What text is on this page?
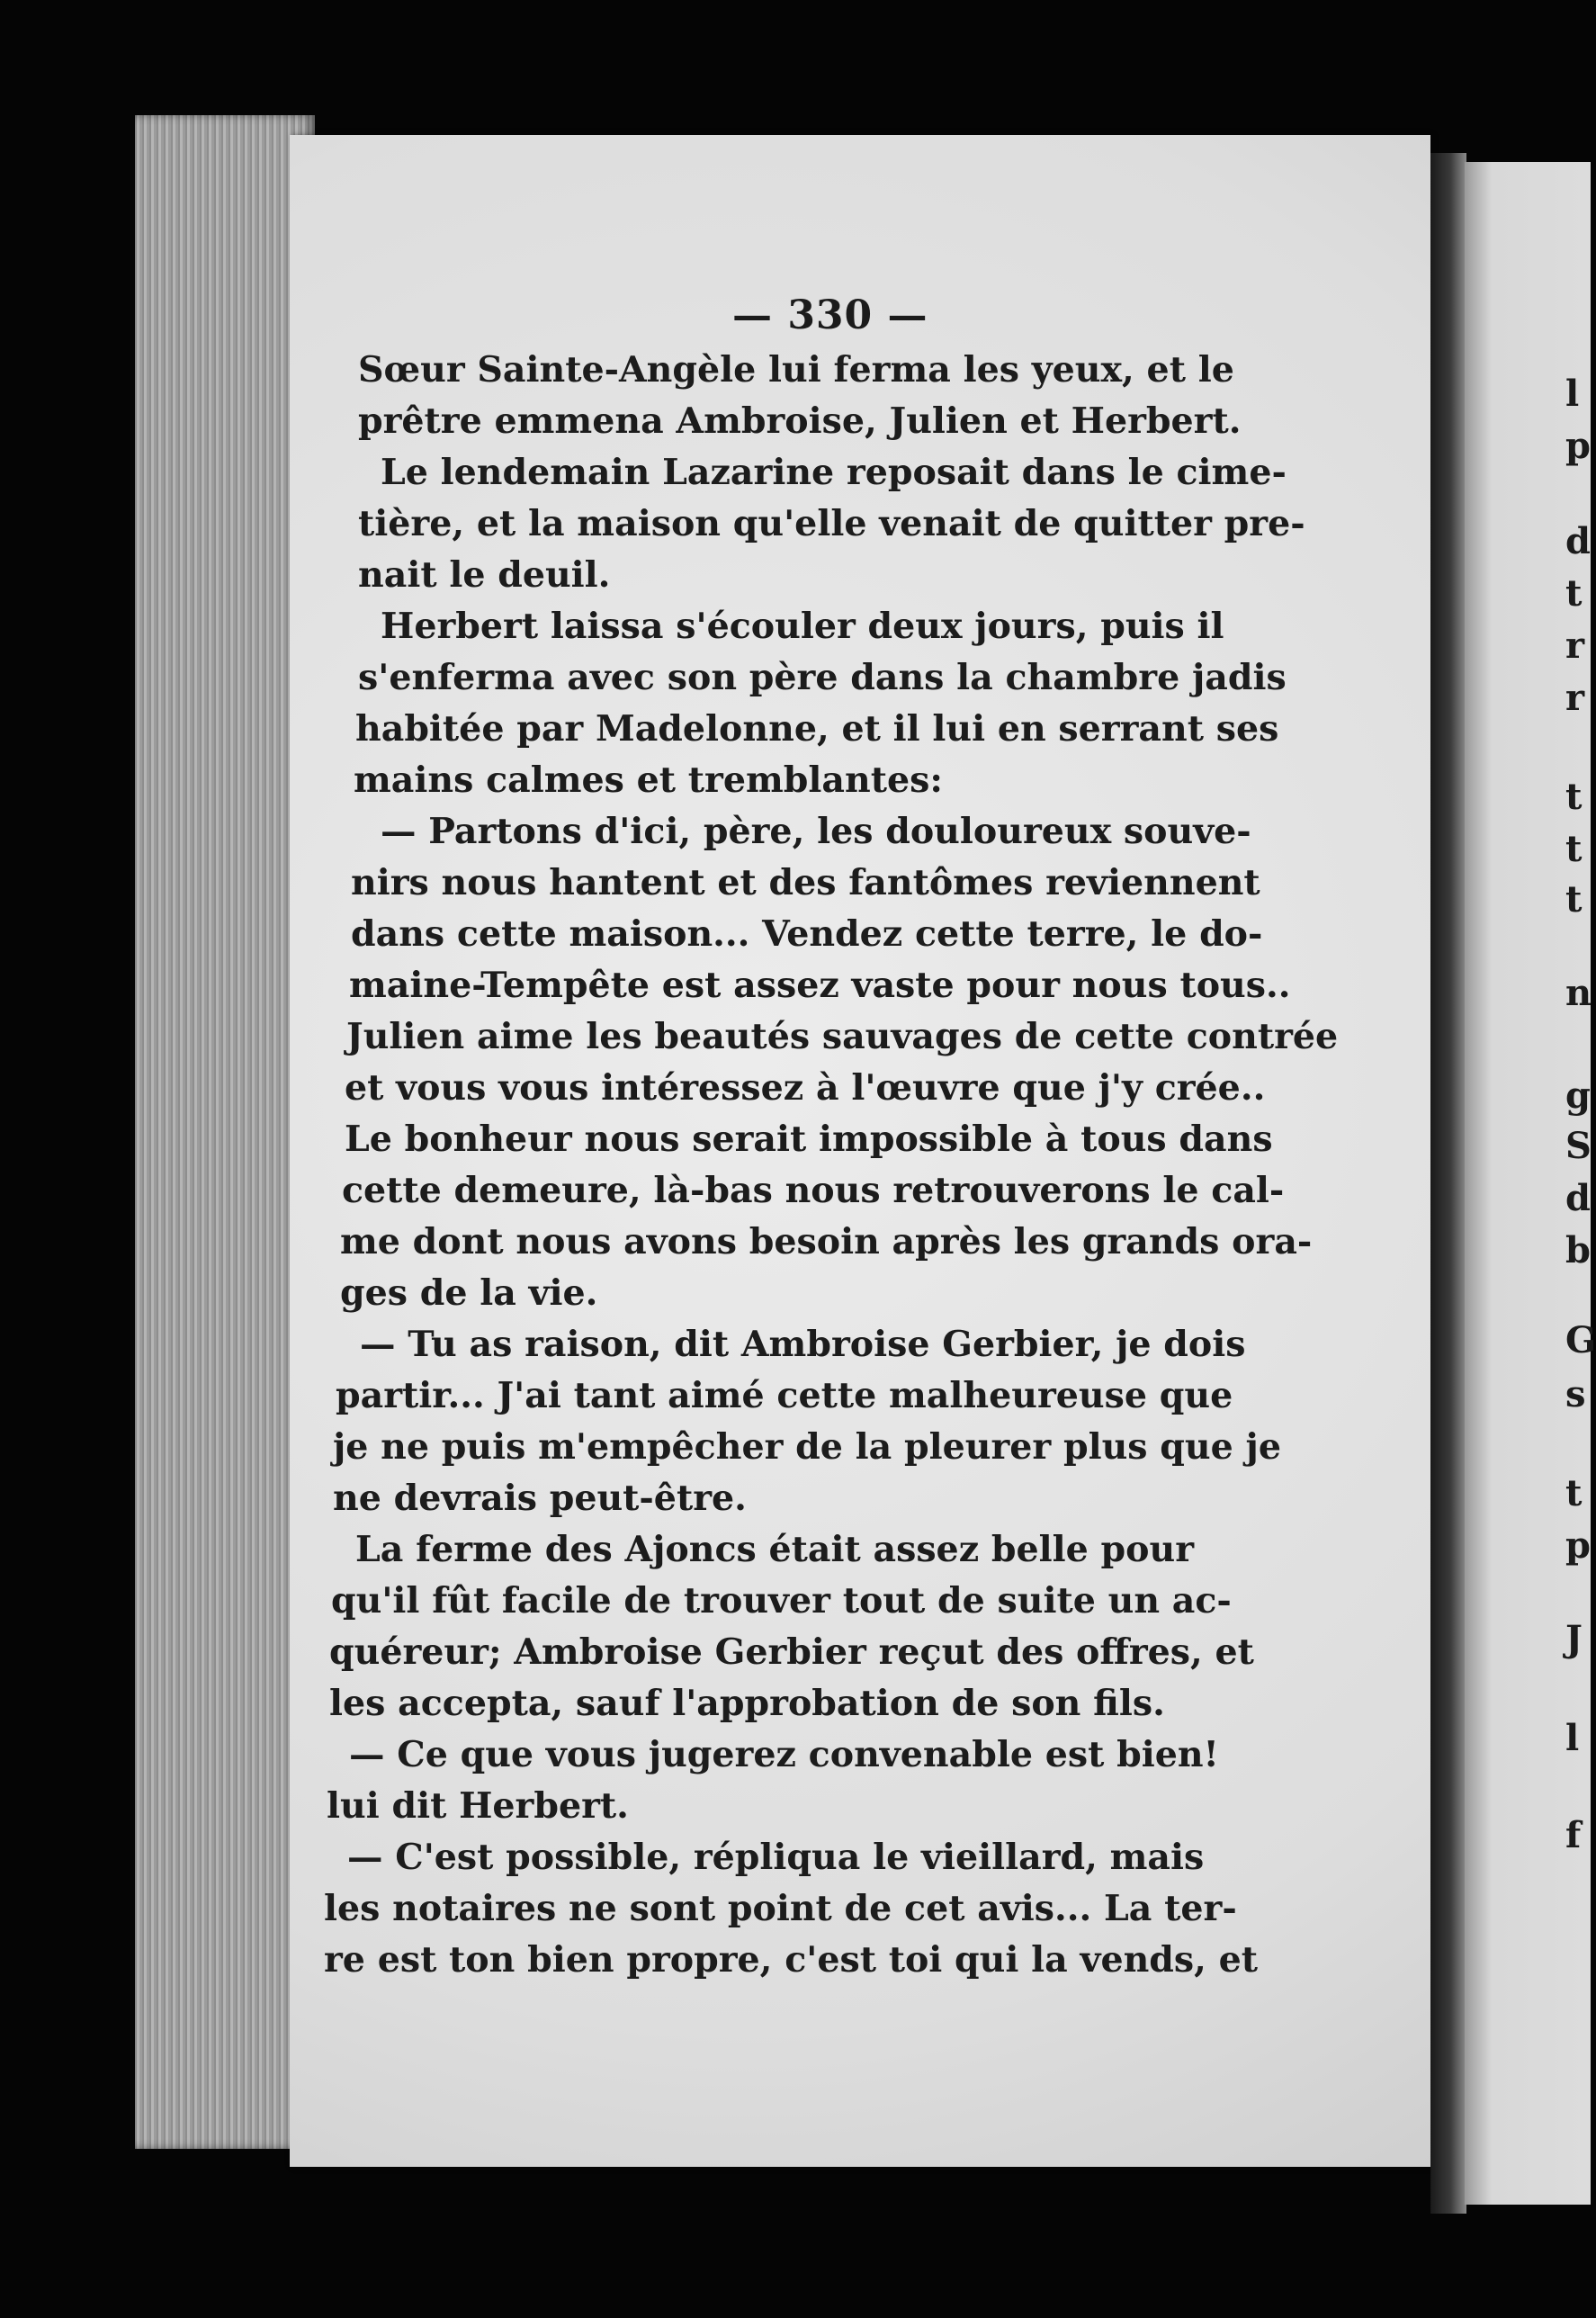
— 330 —

Sœur Sainte-Angèle lui ferma les yeux, et le

prêtre emmena Ambroise, Julien et Herbert.

Le lendemain Lazarine reposait dans le cime-

tière, et la maison qu'elle venait de quitter pre-

nait le deuil.

Herbert laissa s'écouler deux jours, puis il

s'enferma avec son père dans la chambre jadis

habitée par Madelonne, et il lui en serrant ses

mains calmes et tremblantes:

— Partons d'ici, père, les douloureux souve-

nirs nous hantent et des fantômes reviennent

dans cette maison... Vendez cette terre, le do-

maine-Tempête est assez vaste pour nous tous..

Julien aime les beautés sauvages de cette contrée

et vous vous intéressez à l'œuvre que j'y crée..

Le bonheur nous serait impossible à tous dans

cette demeure, là-bas nous retrouverons le cal-

me dont nous avons besoin après les grands ora-

ges de la vie.

— Tu as raison, dit Ambroise Gerbier, je dois

partir... J'ai tant aimé cette malheureuse que

je ne puis m'empêcher de la pleurer plus que je

ne devrais peut-être.

La ferme des Ajoncs était assez belle pour

qu'il fût facile de trouver tout de suite un ac-

quéreur; Ambroise Gerbier reçut des offres, et

les accepta, sauf l'approbation de son fils.

— Ce que vous jugerez convenable est bien!

lui dit Herbert.

— C'est possible, répliqua le vieillard, mais

les notaires ne sont point de cet avis... La ter-

re est ton bien propre, c'est toi qui la vends, et

l

p

d

t

r

r

t

t

t

n

g

S

d

b

G

s

t

p

J

l

f
